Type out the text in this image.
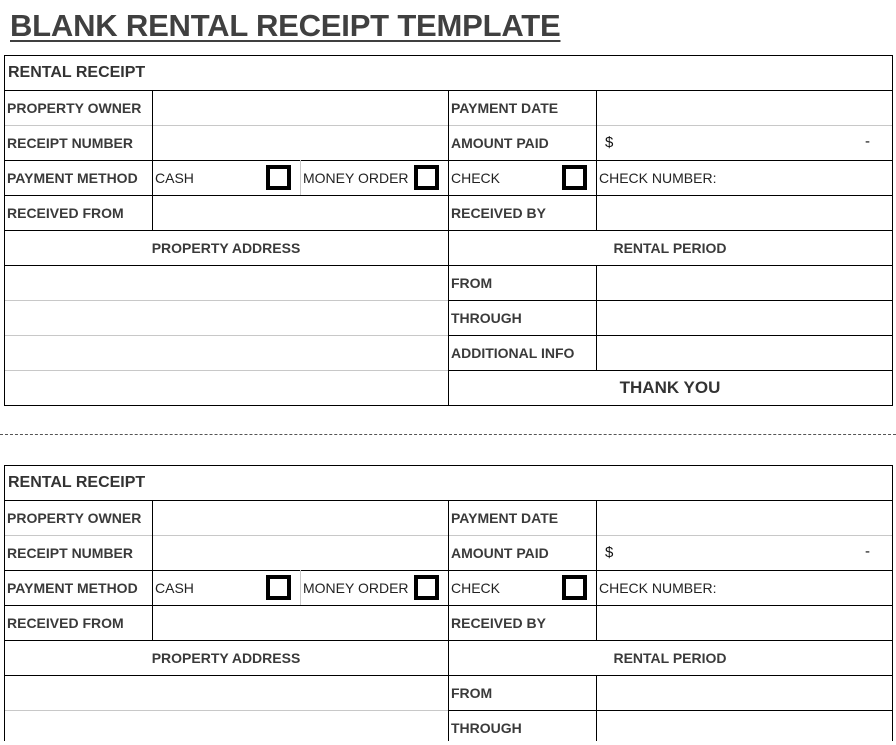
BLANK RENTAL RECEIPT TEMPLATE
RENTAL RECEIPT
PROPERTY OWNER	PAYMENT DATE
RECEIPT NUMBER	AMOUNT PAID	$	-
PAYMENT METHOD	CASH	MONEY ORDER	CHECK	CHECK NUMBER:
RECEIVED FROM	RECEIVED BY
PROPERTY ADDRESS	RENTAL PERIOD
FROM
THROUGH
ADDITIONAL INFO
THANK YOU
RENTAL RECEIPT
PROPERTY OWNER	PAYMENT DATE
RECEIPT NUMBER	AMOUNT PAID	$	-
PAYMENT METHOD	CASH	MONEY ORDER	CHECK	CHECK NUMBER:
RECEIVED FROM	RECEIVED BY
PROPERTY ADDRESS	RENTAL PERIOD
FROM
THROUGH
